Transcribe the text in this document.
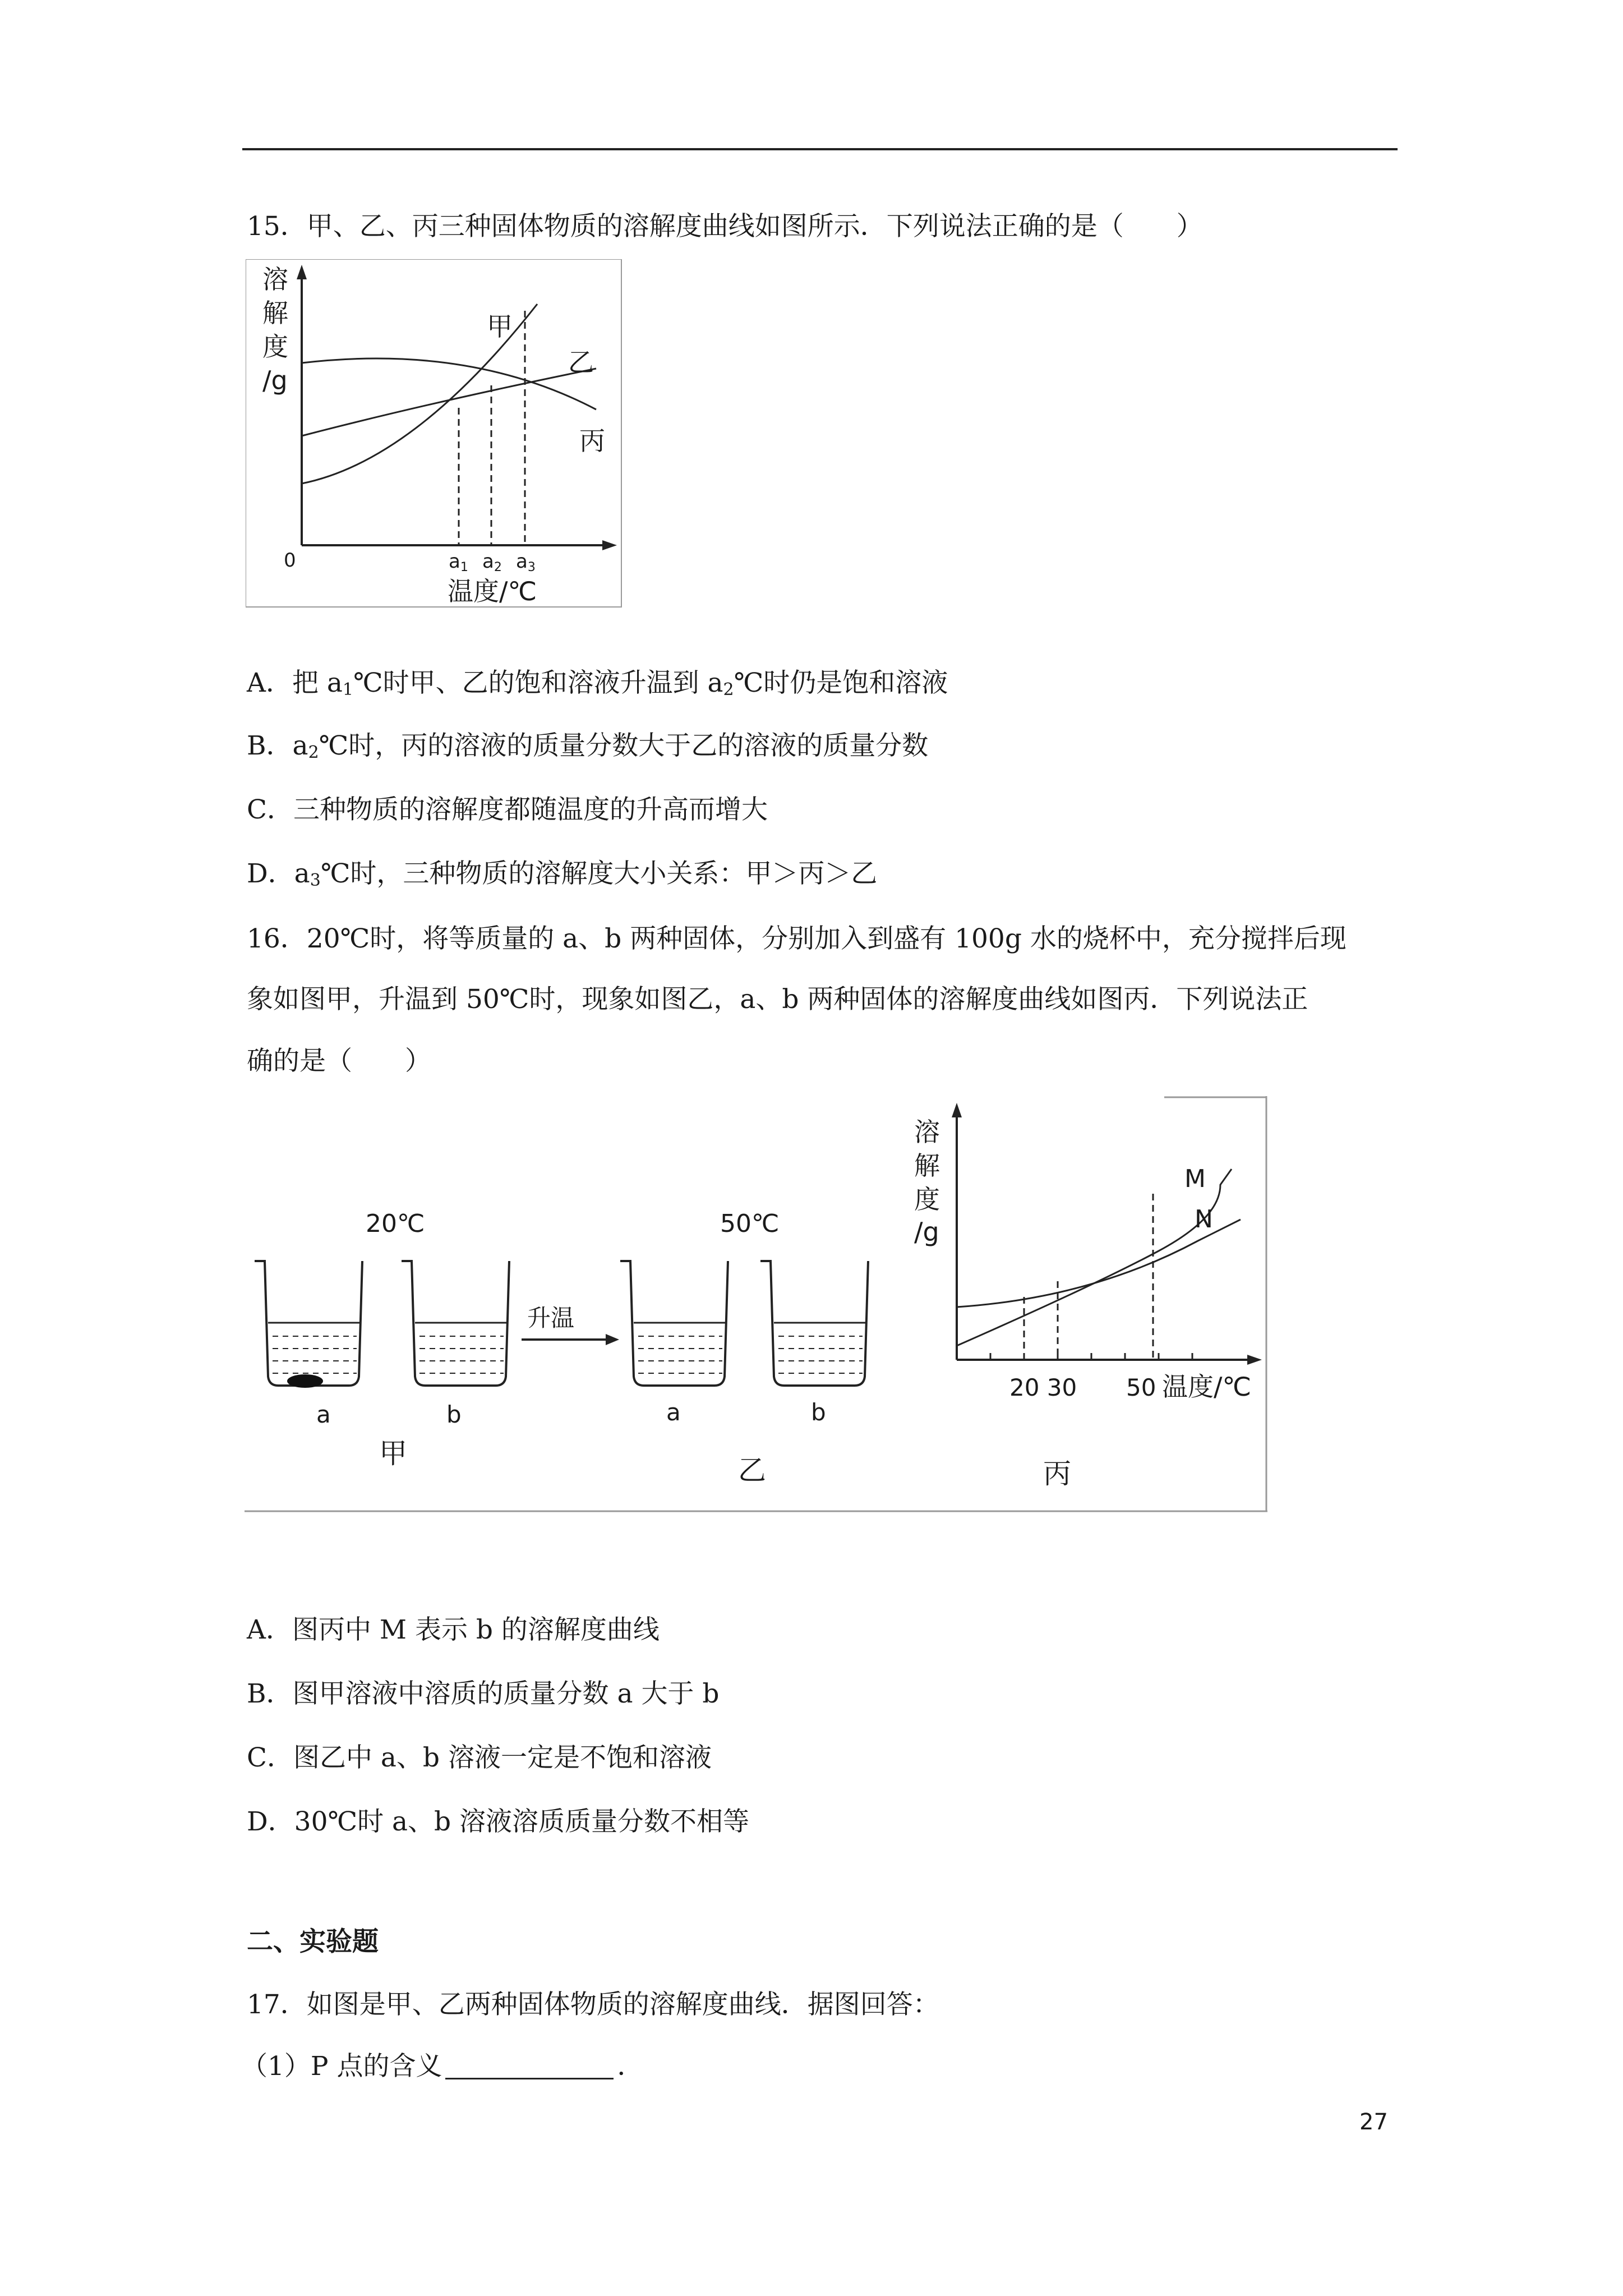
15．甲、乙、丙三种固体物质的溶解度曲线如图所示．下列说法正确的是（　　）
溶
解
度
/g
0
温度/℃
a1 a2 a3
甲
乙
丙
A．把 $a_1℃$时甲、乙的饱和溶液升温到 $a_2℃$时仍是饱和溶液
B．$a_2℃$时，丙的溶液的质量分数大于乙的溶液的质量分数
C．三种物质的溶解度都随温度的升高而增大
D．$a_3℃$时，三种物质的溶解度大小关系：甲＞丙＞乙
16．20℃时，将等质量的 a、b 两种固体，分别加入到盛有 100g 水的烧杯中，充分搅拌后现
象如图甲，升温到 50℃时，现象如图乙，a、b 两种固体的溶解度曲线如图丙．下列说法正
确的是（　　）
20℃	50℃
升温
a	b	a	b
甲
乙	丙
溶
解
度
/g
20 30 50 温度/℃
M
N
A．图丙中 M 表示 b 的溶解度曲线
B．图甲溶液中溶质的质量分数 a 大于 b
C．图乙中 a、b 溶液一定是不饱和溶液
D．30℃时 a、b 溶液溶质质量分数不相等
二、实验题
17．如图是甲、乙两种固体物质的溶解度曲线．据图回答：
（1）P 点的含义	．
27
